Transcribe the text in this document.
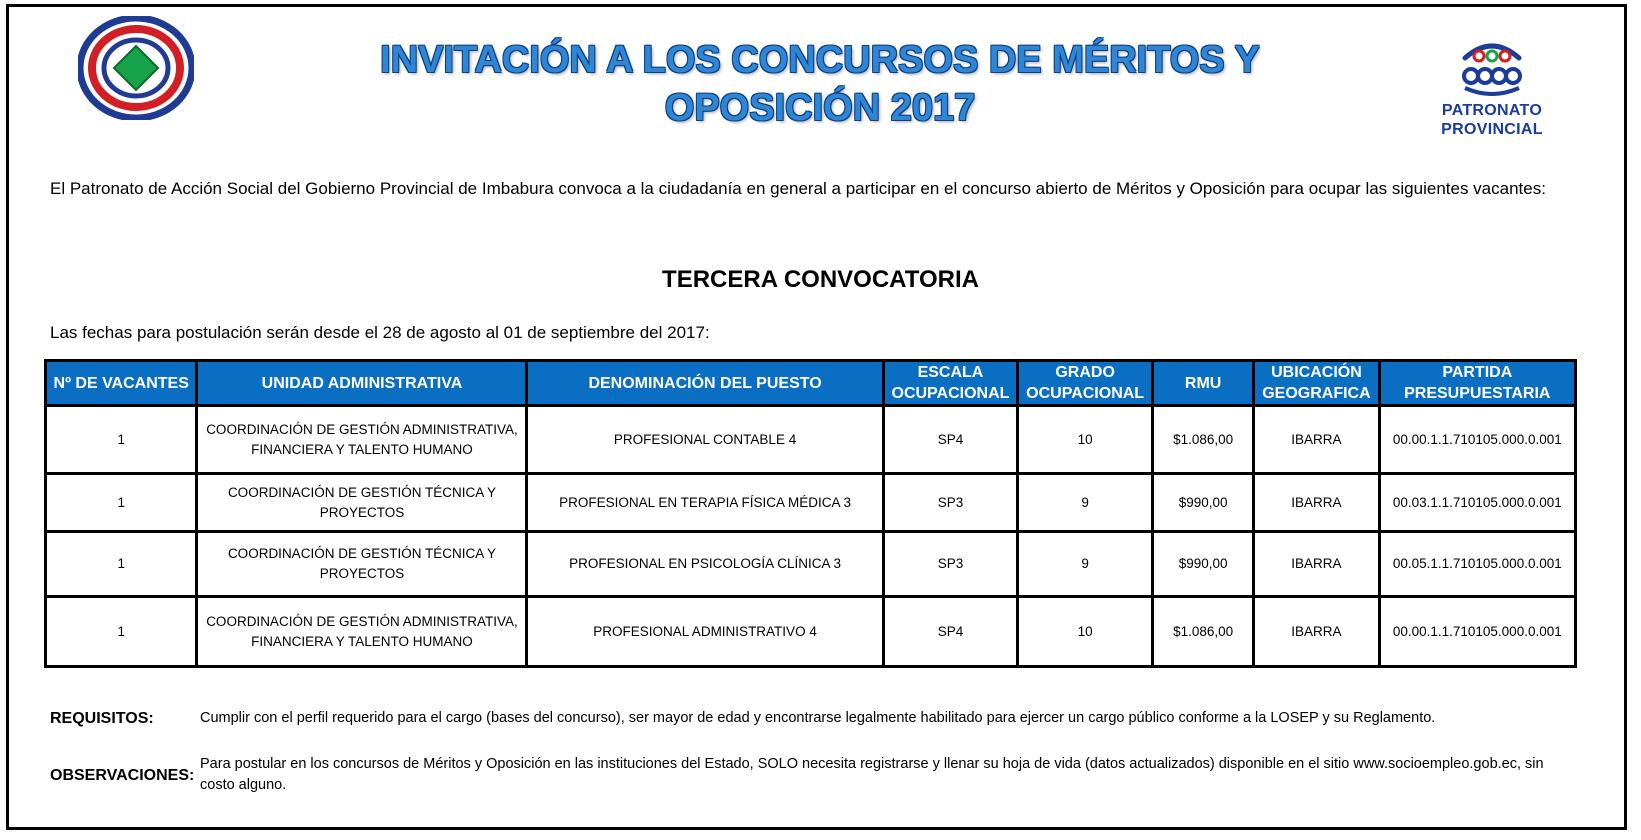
INVITACIÓN A LOS CONCURSOS DE MÉRITOS Y
OPOSICIÓN 2017	PATRONATO
PROVINCIAL
El Patronato de Acción Social del Gobierno Provincial de Imbabura convoca a la ciudadanía en general a participar en el concurso abierto de Méritos y Oposición para ocupar las siguientes vacantes:
TERCERA CONVOCATORIA
Las fechas para postulación serán desde el 28 de agosto al 01 de septiembre del 2017:
Nº DE VACANTES	UNIDAD ADMINISTRATIVA	DENOMINACIÓN DEL PUESTO	ESCALA OCUPACIONAL	GRADO OCUPACIONAL	RMU	UBICACIÓN GEOGRAFICA	PARTIDA PRESUPUESTARIA
1	COORDINACIÓN DE GESTIÓN ADMINISTRATIVA, FINANCIERA Y TALENTO HUMANO	PROFESIONAL CONTABLE 4	SP4	10	$1.086,00	IBARRA	00.00.1.1.710105.000.0.001
1	COORDINACIÓN DE GESTIÓN TÉCNICA Y PROYECTOS	PROFESIONAL EN TERAPIA FÍSICA MÉDICA 3	SP3	9	$990,00	IBARRA	00.03.1.1.710105.000.0.001
1	COORDINACIÓN DE GESTIÓN TÉCNICA Y PROYECTOS	PROFESIONAL EN PSICOLOGÍA CLÍNICA 3	SP3	9	$990,00	IBARRA	00.05.1.1.710105.000.0.001
1	COORDINACIÓN DE GESTIÓN ADMINISTRATIVA, FINANCIERA Y TALENTO HUMANO	PROFESIONAL ADMINISTRATIVO 4	SP4	10	$1.086,00	IBARRA	00.00.1.1.710105.000.0.001
REQUISITOS:	Cumplir con el perfil requerido para el cargo (bases del concurso), ser mayor de edad y encontrarse legalmente habilitado para ejercer un cargo público conforme a la LOSEP y su Reglamento.
OBSERVACIONES:
Para postular en los concursos de Méritos y Oposición en las instituciones del Estado, SOLO necesita registrarse y llenar su hoja de vida (datos actualizados) disponible en el sitio www.socioempleo.gob.ec, sin costo alguno.
